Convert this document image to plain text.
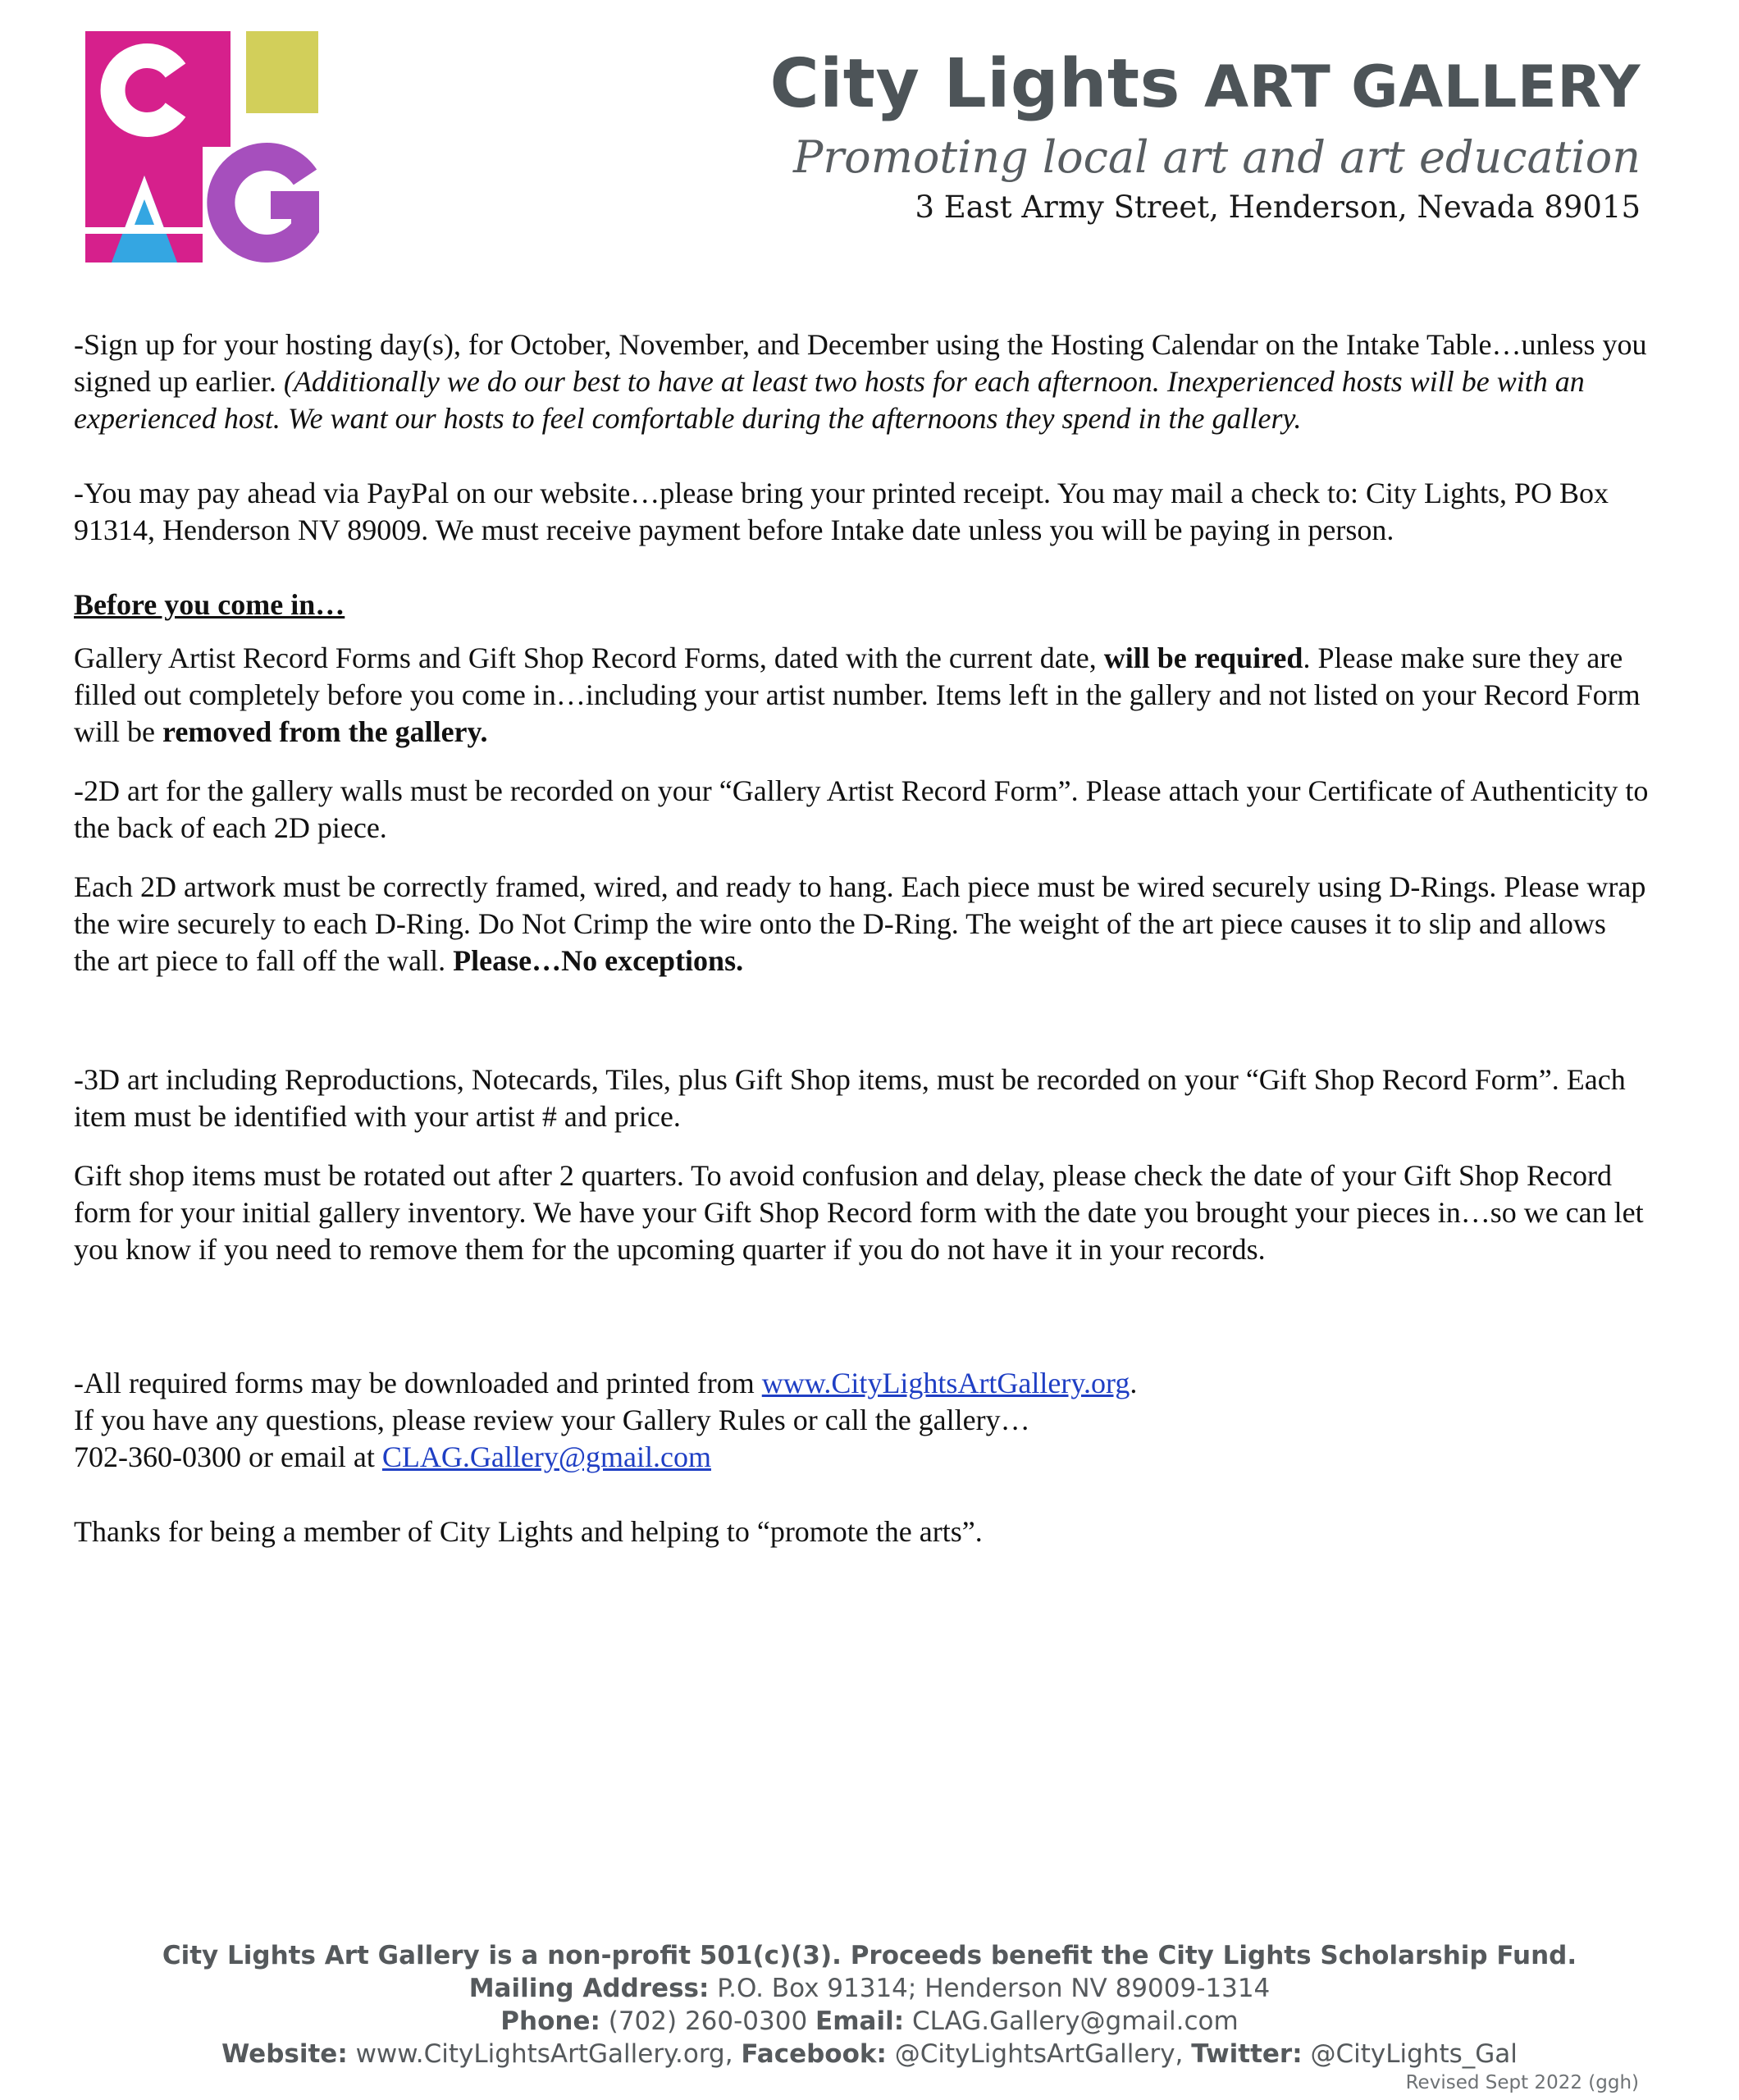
City Lights ART GALLERY
Promoting local art and art education
3 East Army Street, Henderson, Nevada 89015

-Sign up for your hosting day(s), for October, November, and December using the Hosting Calendar on the Intake Table…unless you signed up earlier. (Additionally we do our best to have at least two hosts for each afternoon. Inexperienced hosts will be with an experienced host. We want our hosts to feel comfortable during the afternoons they spend in the gallery.

-You may pay ahead via PayPal on our website…please bring your printed receipt. You may mail a check to: City Lights, PO Box 91314, Henderson NV 89009. We must receive payment before Intake date unless you will be paying in person.

Before you come in…

Gallery Artist Record Forms and Gift Shop Record Forms, dated with the current date, will be required. Please make sure they are filled out completely before you come in…including your artist number. Items left in the gallery and not listed on your Record Form will be removed from the gallery.

-2D art for the gallery walls must be recorded on your “Gallery Artist Record Form”. Please attach your Certificate of Authenticity to the back of each 2D piece.

Each 2D artwork must be correctly framed, wired, and ready to hang. Each piece must be wired securely using D-Rings. Please wrap the wire securely to each D-Ring. Do Not Crimp the wire onto the D-Ring. The weight of the art piece causes it to slip and allows the art piece to fall off the wall. Please…No exceptions.

-3D art including Reproductions, Notecards, Tiles, plus Gift Shop items, must be recorded on your “Gift Shop Record Form”. Each item must be identified with your artist # and price.

Gift shop items must be rotated out after 2 quarters. To avoid confusion and delay, please check the date of your Gift Shop Record form for your initial gallery inventory. We have your Gift Shop Record form with the date you brought your pieces in…so we can let you know if you need to remove them for the upcoming quarter if you do not have it in your records.

-All required forms may be downloaded and printed from www.CityLightsArtGallery.org.
If you have any questions, please review your Gallery Rules or call the gallery…
702-360-0300 or email at CLAG.Gallery@gmail.com

Thanks for being a member of City Lights and helping to “promote the arts”.

City Lights Art Gallery is a non-profit 501(c)(3). Proceeds benefit the City Lights Scholarship Fund.
Mailing Address: P.O. Box 91314; Henderson NV 89009-1314
Phone: (702) 260-0300 Email: CLAG.Gallery@gmail.com
Website: www.CityLightsArtGallery.org, Facebook: @CityLightsArtGallery, Twitter: @CityLights_Gal
Revised Sept 2022 (ggh)
